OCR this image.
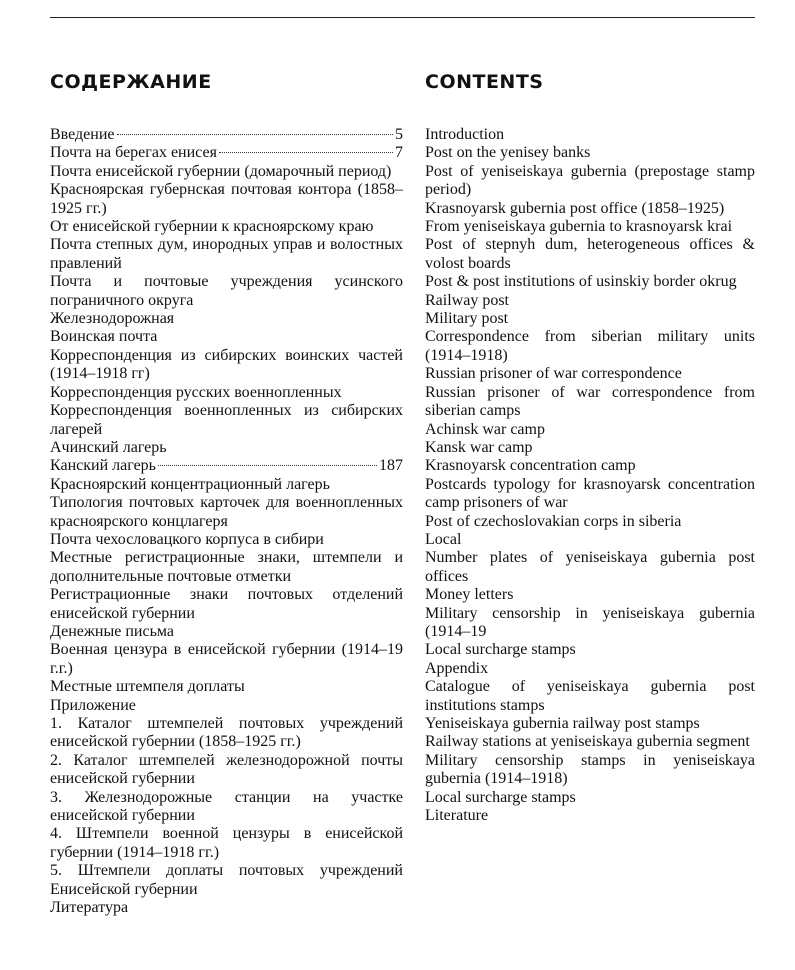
СОДЕРЖАНИЕ
Введение	5
Почта на берегах енисея	7
Почта енисейской губернии (домарочный период)
Красноярская губернская почтовая контора (1858–1925 гг.)
От енисейской губернии к красноярскому краю
Почта степных дум, инородных управ и волостных правлений
Почта и почтовые учреждения усинского пограничного округа
Железнодорожная
Воинская почта
Корреспонденция из сибирских воинских частей (1914–1918 гг)
Корреспонденция русских военнопленных
Корреспонденция военнопленных из сибирских лагерей
Ачинский лагерь
Канский лагерь	187
Красноярский концентрационный лагерь
Типология почтовых карточек для военнопленных красноярского концлагеря
Почта чехословацкого корпуса в сибири
Местные регистрационные знаки, штемпели и дополнительные почтовые отметки
Регистрационные знаки почтовых отделений енисейской губернии
Денежные письма
Военная цензура в енисейской губернии (1914–19 г.г.)
Местные штемпеля доплаты
Приложение
1. Каталог штемпелей почтовых учреждений енисейской губернии (1858–1925 гг.)
2. Каталог штемпелей железнодорожной почты енисейской губернии
3. Железнодорожные станции на участке енисейской губернии
4. Штемпели военной цензуры в енисейской губернии (1914–1918 гг.)
5. Штемпели доплаты почтовых учреждений Енисейской губернии
Литература
CONTENTS
Introduction
Post on the yenisey banks
Post of yeniseiskaya gubernia (prepostage stamp period)
Krasnoyarsk gubernia post office (1858–1925)
From yeniseiskaya gubernia to krasnoyarsk krai
Post of stepnyh dum, heterogeneous offices & volost boards
Post & post institutions of usinskiy border okrug
Railway post
Military post
Correspondence from siberian military units (1914–1918)
Russian prisoner of war correspondence
Russian prisoner of war correspondence from siberian camps
Achinsk war camp
Kansk war camp
Krasnoyarsk concentration camp
Postcards typology for krasnoyarsk concentration camp prisoners of war
Post of czechoslovakian corps in siberia
Local
Number plates of yeniseiskaya gubernia post offices
Money letters
Military censorship in yeniseiskaya gubernia (1914–19
Local surcharge stamps
Appendix
Catalogue of yeniseiskaya gubernia post institutions stamps
Yeniseiskaya gubernia railway post stamps
Railway stations at yeniseiskaya gubernia segment
Military censorship stamps in yeniseiskaya gubernia (1914–1918)
Local surcharge stamps
Literature
